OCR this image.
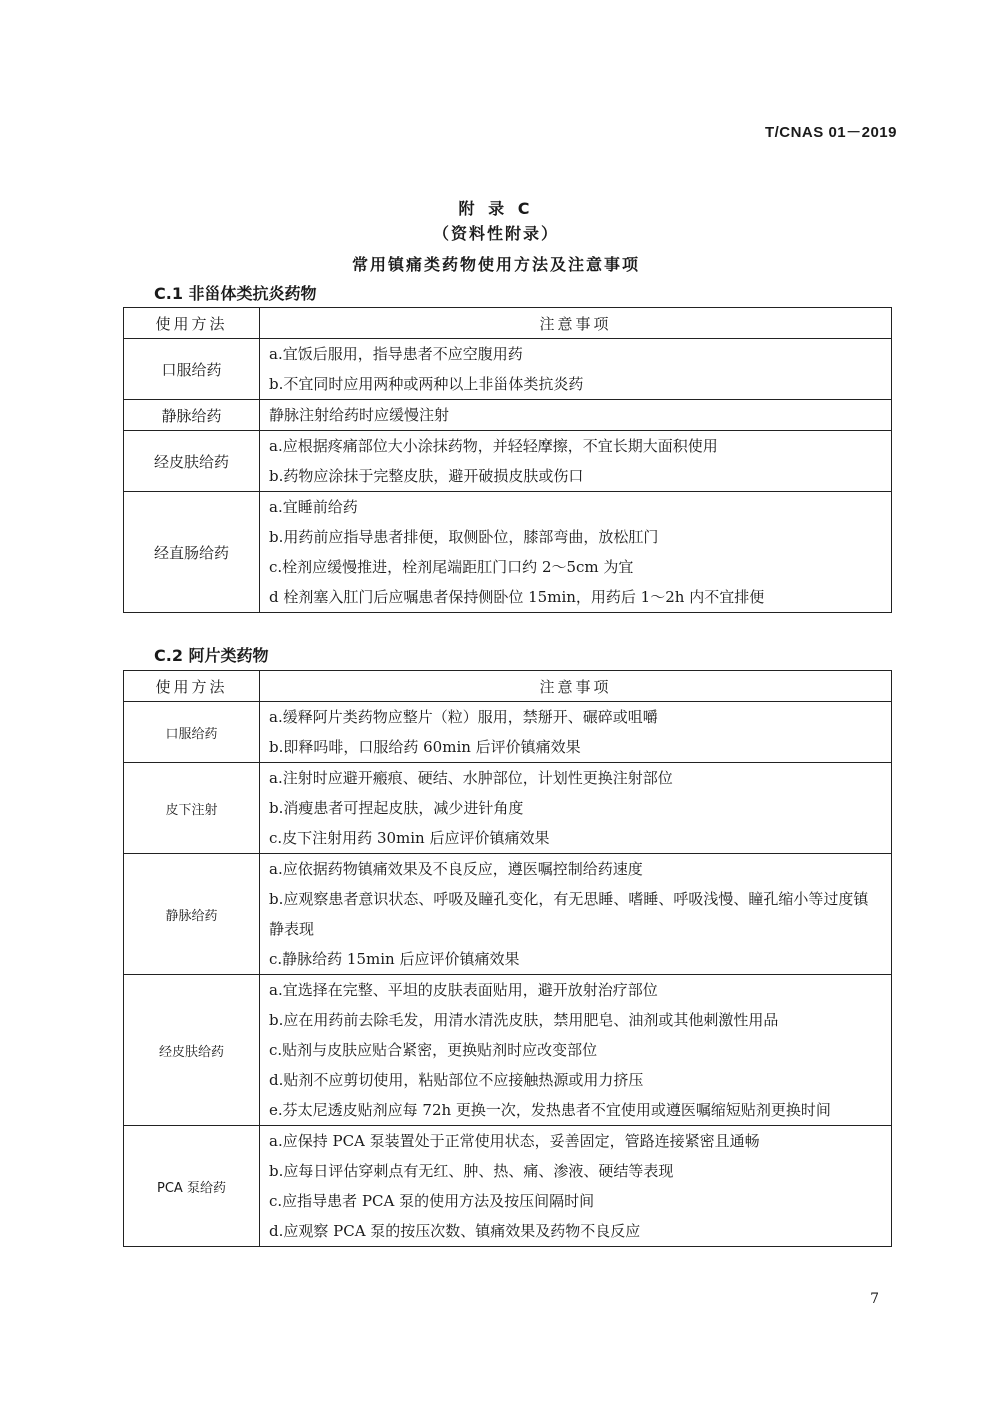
T/CNAS 01－2019
附 录 C
（资料性附录）
常用镇痛类药物使用方法及注意事项
C.1 非甾体类抗炎药物
使用方法	注意事项
口服给药	a.宜饭后服用，指导患者不应空腹用药
b.不宜同时应用两种或两种以上非甾体类抗炎药

静脉给药	静脉注射给药时应缓慢注射

经皮肤给药	a.应根据疼痛部位大小涂抹药物，并轻轻摩擦，不宜长期大面积使用
b.药物应涂抹于完整皮肤，避开破损皮肤或伤口

经直肠给药	a.宜睡前给药
b.用药前应指导患者排便，取侧卧位，膝部弯曲，放松肛门
c.栓剂应缓慢推进，栓剂尾端距肛门口约 2～5cm 为宜
d 栓剂塞入肛门后应嘱患者保持侧卧位 15min，用药后 1～2h 内不宜排便
C.2 阿片类药物
使用方法	注意事项
口服给药	a.缓释阿片类药物应整片（粒）服用，禁掰开、碾碎或咀嚼
b.即释吗啡，口服给药 60min 后评价镇痛效果

皮下注射	a.注射时应避开瘢痕、硬结、水肿部位，计划性更换注射部位
b.消瘦患者可捏起皮肤，减少进针角度
c.皮下注射用药 30min 后应评价镇痛效果

静脉给药	a.应依据药物镇痛效果及不良反应，遵医嘱控制给药速度
b.应观察患者意识状态、呼吸及瞳孔变化，有无思睡、嗜睡、呼吸浅慢、瞳孔缩小等过度镇静表现
c.静脉给药 15min 后应评价镇痛效果

经皮肤给药	a.宜选择在完整、平坦的皮肤表面贴用，避开放射治疗部位
b.应在用药前去除毛发，用清水清洗皮肤，禁用肥皂、油剂或其他刺激性用品
c.贴剂与皮肤应贴合紧密，更换贴剂时应改变部位
d.贴剂不应剪切使用，粘贴部位不应接触热源或用力挤压
e.芬太尼透皮贴剂应每 72h 更换一次，发热患者不宜使用或遵医嘱缩短贴剂更换时间

PCA 泵给药	a.应保持 PCA 泵装置处于正常使用状态，妥善固定，管路连接紧密且通畅
b.应每日评估穿刺点有无红、肿、热、痛、渗液、硬结等表现
c.应指导患者 PCA 泵的使用方法及按压间隔时间
d.应观察 PCA 泵的按压次数、镇痛效果及药物不良反应
7
